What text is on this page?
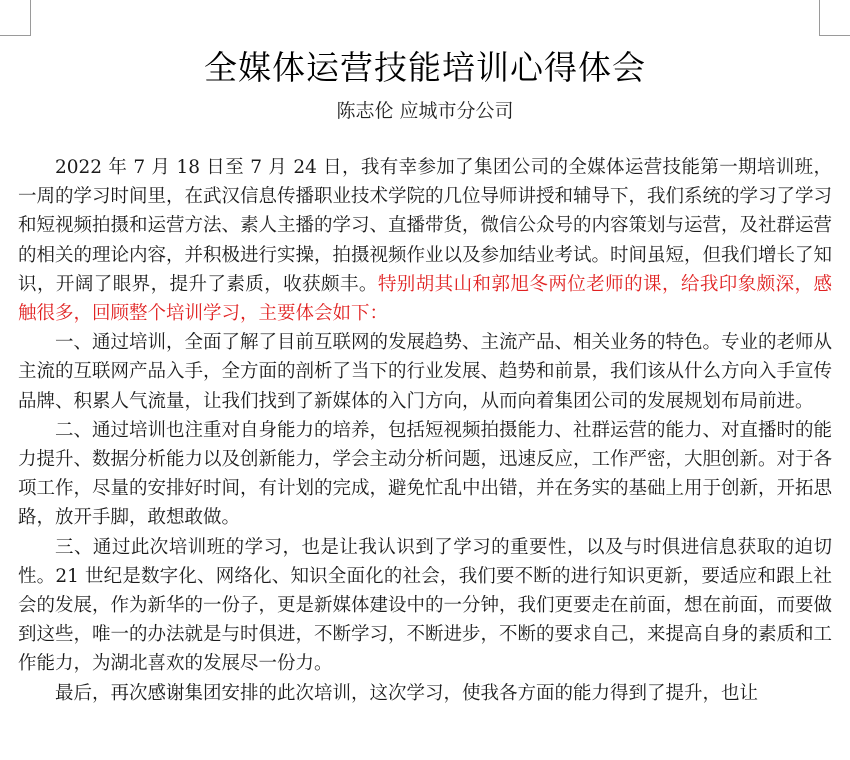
全媒体运营技能培训心得体会
陈志伦 应城市分公司

2022 年 7 月 18 日至 7 月 24 日，我有幸参加了集团公司的全媒体运营技能第一期培训班，一周的学习时间里，在武汉信息传播职业技术学院的几位导师讲授和辅导下，我们系统的学习了学习和短视频拍摄和运营方法、素人主播的学习、直播带货，微信公众号的内容策划与运营，及社群运营的相关的理论内容，并积极进行实操，拍摄视频作业以及参加结业考试。时间虽短，但我们增长了知识，开阔了眼界，提升了素质，收获颇丰。特别胡其山和郭旭冬两位老师的课，给我印象颇深，感触很多，回顾整个培训学习，主要体会如下：

一、通过培训，全面了解了目前互联网的发展趋势、主流产品、相关业务的特色。专业的老师从主流的互联网产品入手，全方面的剖析了当下的行业发展、趋势和前景，我们该从什么方向入手宣传品牌、积累人气流量，让我们找到了新媒体的入门方向，从而向着集团公司的发展规划布局前进。

二、通过培训也注重对自身能力的培养，包括短视频拍摄能力、社群运营的能力、对直播时的能力提升、数据分析能力以及创新能力，学会主动分析问题，迅速反应，工作严密，大胆创新。对于各项工作，尽量的安排好时间，有计划的完成，避免忙乱中出错，并在务实的基础上用于创新，开拓思路，放开手脚，敢想敢做。

三、通过此次培训班的学习，也是让我认识到了学习的重要性，以及与时俱进信息获取的迫切性。21 世纪是数字化、网络化、知识全面化的社会，我们要不断的进行知识更新，要适应和跟上社会的发展，作为新华的一份子，更是新媒体建设中的一分钟，我们更要走在前面，想在前面，而要做到这些，唯一的办法就是与时俱进，不断学习，不断进步，不断的要求自己，来提高自身的素质和工作能力，为湖北喜欢的发展尽一份力。

最后，再次感谢集团安排的此次培训，这次学习，使我各方面的能力得到了提升，也让
